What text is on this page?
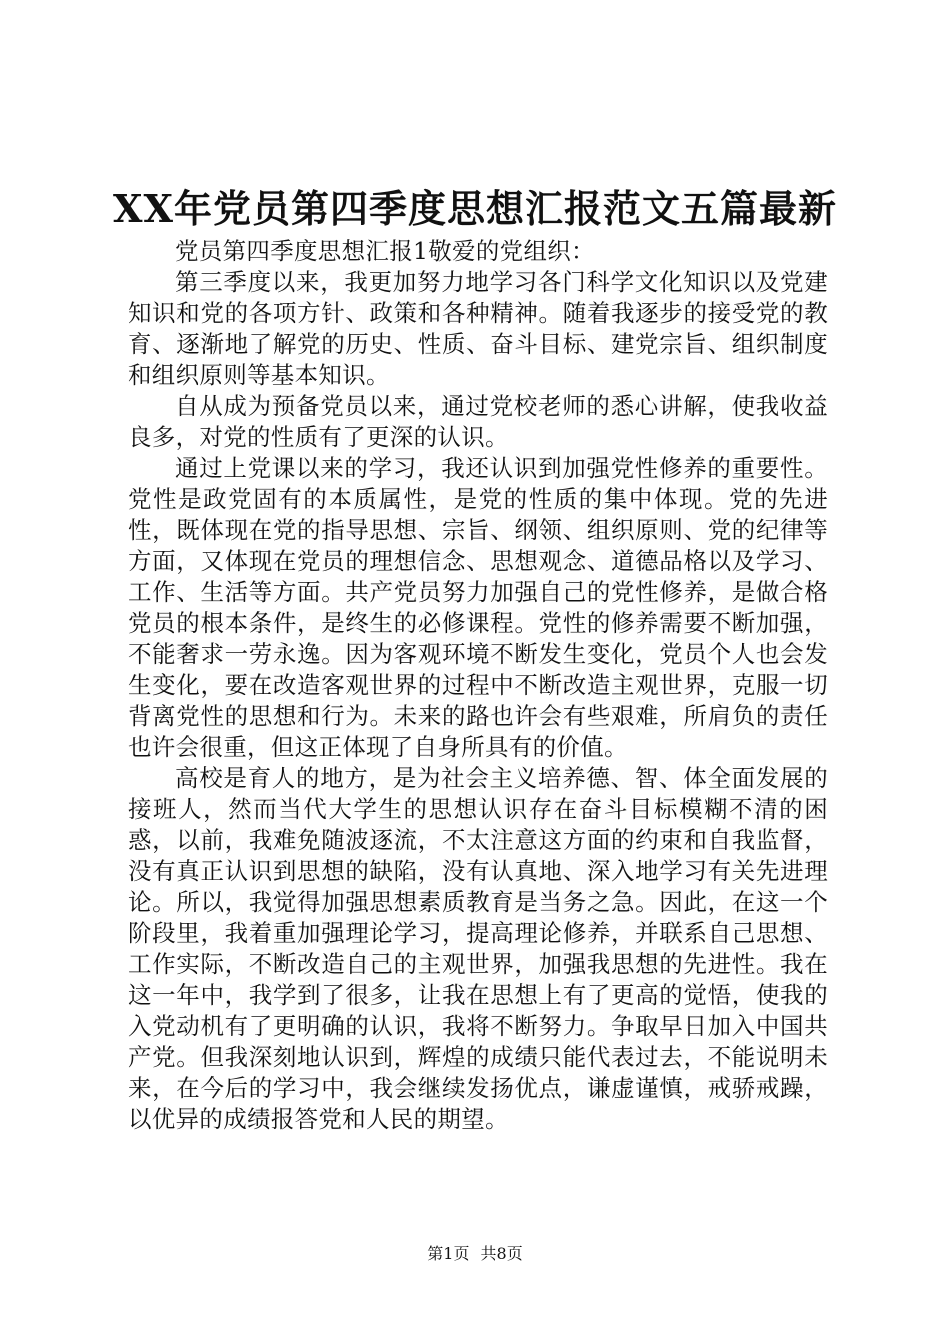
XX年党员第四季度思想汇报范文五篇最新

党员第四季度思想汇报1敬爱的党组织：

第三季度以来，我更加努力地学习各门科学文化知识以及党建知识和党的各项方针、政策和各种精神。随着我逐步的接受党的教育、逐渐地了解党的历史、性质、奋斗目标、建党宗旨、组织制度和组织原则等基本知识。

自从成为预备党员以来，通过党校老师的悉心讲解，使我收益良多，对党的性质有了更深的认识。

通过上党课以来的学习，我还认识到加强党性修养的重要性。党性是政党固有的本质属性，是党的性质的集中体现。党的先进性，既体现在党的指导思想、宗旨、纲领、组织原则、党的纪律等方面，又体现在党员的理想信念、思想观念、道德品格以及学习、工作、生活等方面。共产党员努力加强自己的党性修养，是做合格党员的根本条件，是终生的必修课程。党性的修养需要不断加强，不能奢求一劳永逸。因为客观环境不断发生变化，党员个人也会发生变化，要在改造客观世界的过程中不断改造主观世界，克服一切背离党性的思想和行为。未来的路也许会有些艰难，所肩负的责任也许会很重，但这正体现了自身所具有的价值。

高校是育人的地方，是为社会主义培养德、智、体全面发展的接班人，然而当代大学生的思想认识存在奋斗目标模糊不清的困惑，以前，我难免随波逐流，不太注意这方面的约束和自我监督，没有真正认识到思想的缺陷，没有认真地、深入地学习有关先进理论。所以，我觉得加强思想素质教育是当务之急。因此，在这一个阶段里，我着重加强理论学习，提高理论修养，并联系自己思想、工作实际，不断改造自己的主观世界，加强我思想的先进性。我在这一年中，我学到了很多，让我在思想上有了更高的觉悟，使我的入党动机有了更明确的认识，我将不断努力。争取早日加入中国共产党。但我深刻地认识到，辉煌的成绩只能代表过去，不能说明未来，在今后的学习中，我会继续发扬优点，谦虚谨慎，戒骄戒躁，以优异的成绩报答党和人民的期望。

第1页 共8页
